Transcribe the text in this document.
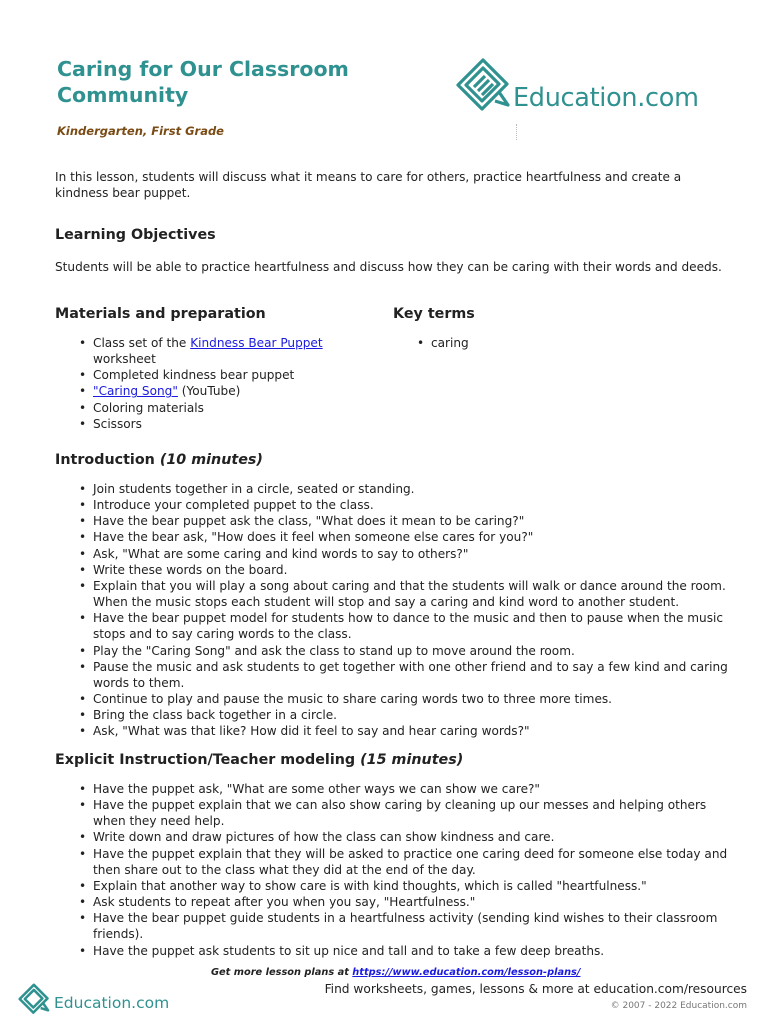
Caring for Our Classroom Community	Education.com
Kindergarten, First Grade

In this lesson, students will discuss what it means to care for others, practice heartfulness and create a kindness bear puppet.

Learning Objectives

Students will be able to practice heartfulness and discuss how they can be caring with their words and deeds.

Materials and preparation
• Class set of the Kindness Bear Puppet worksheet
• Completed kindness bear puppet
• "Caring Song" (YouTube)
• Coloring materials
• Scissors
Key terms
• caring
Introduction (10 minutes)
• Join students together in a circle, seated or standing.
• Introduce your completed puppet to the class.
• Have the bear puppet ask the class, "What does it mean to be caring?"
• Have the bear ask, "How does it feel when someone else cares for you?"
• Ask, "What are some caring and kind words to say to others?"
• Write these words on the board.
• Explain that you will play a song about caring and that the students will walk or dance around the room. When the music stops each student will stop and say a caring and kind word to another student.
• Have the bear puppet model for students how to dance to the music and then to pause when the music stops and to say caring words to the class.
• Play the "Caring Song" and ask the class to stand up to move around the room.
• Pause the music and ask students to get together with one other friend and to say a few kind and caring words to them.
• Continue to play and pause the music to share caring words two to three more times.
• Bring the class back together in a circle.
• Ask, "What was that like? How did it feel to say and hear caring words?"
Explicit Instruction/Teacher modeling (15 minutes)
• Have the puppet ask, "What are some other ways we can show we care?"
• Have the puppet explain that we can also show caring by cleaning up our messes and helping others when they need help.
• Write down and draw pictures of how the class can show kindness and care.
• Have the puppet explain that they will be asked to practice one caring deed for someone else today and then share out to the class what they did at the end of the day.
• Explain that another way to show care is with kind thoughts, which is called "heartfulness."
• Ask students to repeat after you when you say, "Heartfulness."
• Have the bear puppet guide students in a heartfulness activity (sending kind wishes to their classroom friends).
• Have the puppet ask students to sit up nice and tall and to take a few deep breaths.
Get more lesson plans at https://www.education.com/lesson-plans/
Education.com
Find worksheets, games, lessons & more at education.com/resources
© 2007 - 2022 Education.com
